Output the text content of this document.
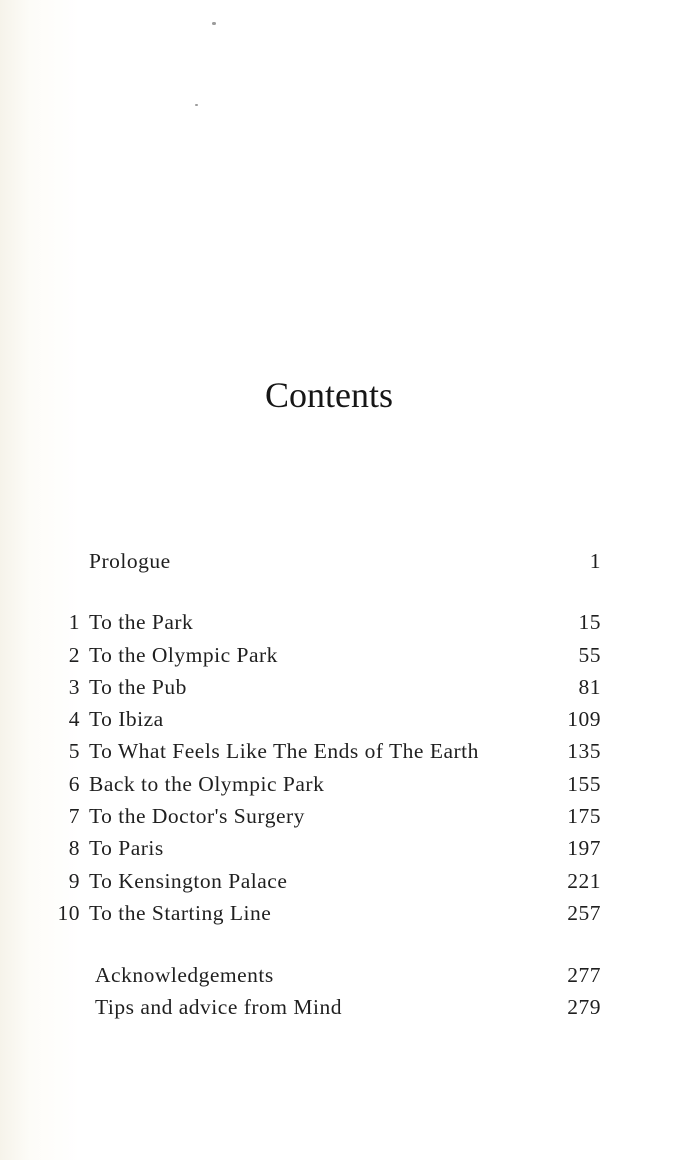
Contents
Prologue	1
1 To the Park	15
2 To the Olympic Park	55
3 To the Pub	81
4 To Ibiza	109
5 To What Feels Like The Ends of The Earth	135
6 Back to the Olympic Park	155
7 To the Doctor's Surgery	175
8 To Paris	197
9 To Kensington Palace	221
10 To the Starting Line	257
Acknowledgements	277
Tips and advice from Mind	279
